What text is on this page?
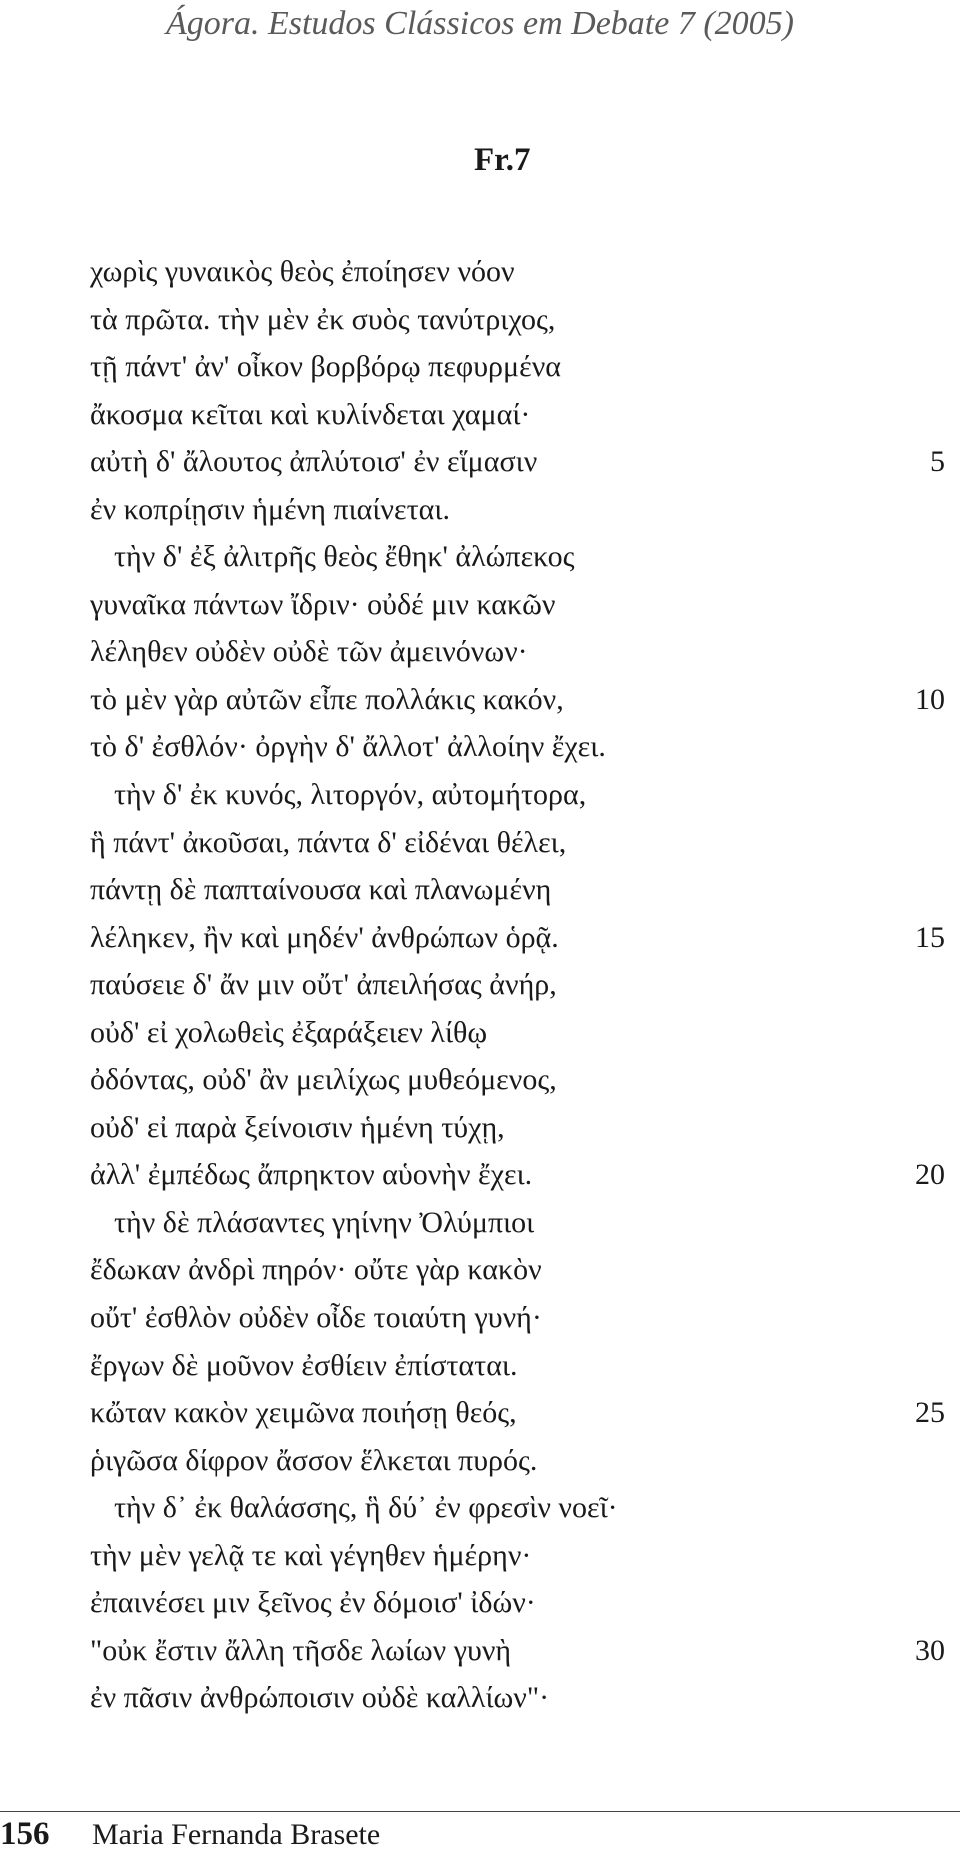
Ágora. Estudos Clássicos em Debate 7 (2005)
Fr.7
χωρὶς γυναικὸς θεὸς ἐποίησεν νόον
τὰ πρῶτα. τὴν μὲν ἐκ συὸς τανύτριχος,
τῇ πάντ' ἀν' οἶκον βορβόρῳ πεφυρμένα
ἄκοσμα κεῖται καὶ κυλίνδεται χαμαί·
αὐτὴ δ' ἄλουτος ἀπλύτοισ' ἐν εἵμασιν	5
ἐν κοπρίῃσιν ἡμένη πιαίνεται.
τὴν δ' ἐξ ἀλιτρῆς θεὸς ἔθηκ' ἀλώπεκος
γυναῖκα πάντων ἴδριν· οὐδέ μιν κακῶν
λέληθεν οὐδὲν οὐδὲ τῶν ἀμεινόνων·
τὸ μὲν γὰρ αὐτῶν εἶπε πολλάκις κακόν,	10
τὸ δ' ἐσθλόν· ὀργὴν δ' ἄλλοτ' ἀλλοίην ἔχει.
τὴν δ' ἐκ κυνός, λιτοργόν, αὐτομήτορα,
ἣ πάντ' ἀκοῦσαι, πάντα δ' εἰδέναι θέλει,
πάντῃ δὲ παπταίνουσα καὶ πλανωμένη
λέληκεν, ἢν καὶ μηδέν' ἀνθρώπων ὁρᾷ.	15
παύσειε δ' ἄν μιν οὔτ' ἀπειλήσας ἀνήρ,
οὐδ' εἰ χολωθεὶς ἐξαράξειεν λίθῳ
ὀδόντας, οὐδ' ἂν μειλίχως μυθεόμενος,
οὐδ' εἰ παρὰ ξείνοισιν ἡμένη τύχῃ,
ἀλλ' ἐμπέδως ἄπρηκτον αὑονὴν ἔχει.	20
τὴν δὲ πλάσαντες γηίνην Ὀλύμπιοι
ἔδωκαν ἀνδρὶ πηρόν· οὔτε γὰρ κακὸν
οὔτ' ἐσθλὸν οὐδὲν οἶδε τοιαύτη γυνή·
ἔργων δὲ μοῦνον ἐσθίειν ἐπίσταται.
κὤταν κακὸν χειμῶνα ποιήσῃ θεός,	25
ῥιγῶσα δίφρον ἄσσον ἕλκεται πυρός.
τὴν δ᾽ ἐκ θαλάσσης, ἣ δύ᾽ ἐν φρεσὶν νοεῖ·
τὴν μὲν γελᾷ τε καὶ γέγηθεν ἡμέρην·
ἐπαινέσει μιν ξεῖνος ἐν δόμοισ' ἰδών·
"οὐκ ἔστιν ἄλλη τῆσδε λωίων γυνὴ	30
ἐν πᾶσιν ἀνθρώποισιν οὐδὲ καλλίων"·
156 Maria Fernanda Brasete
